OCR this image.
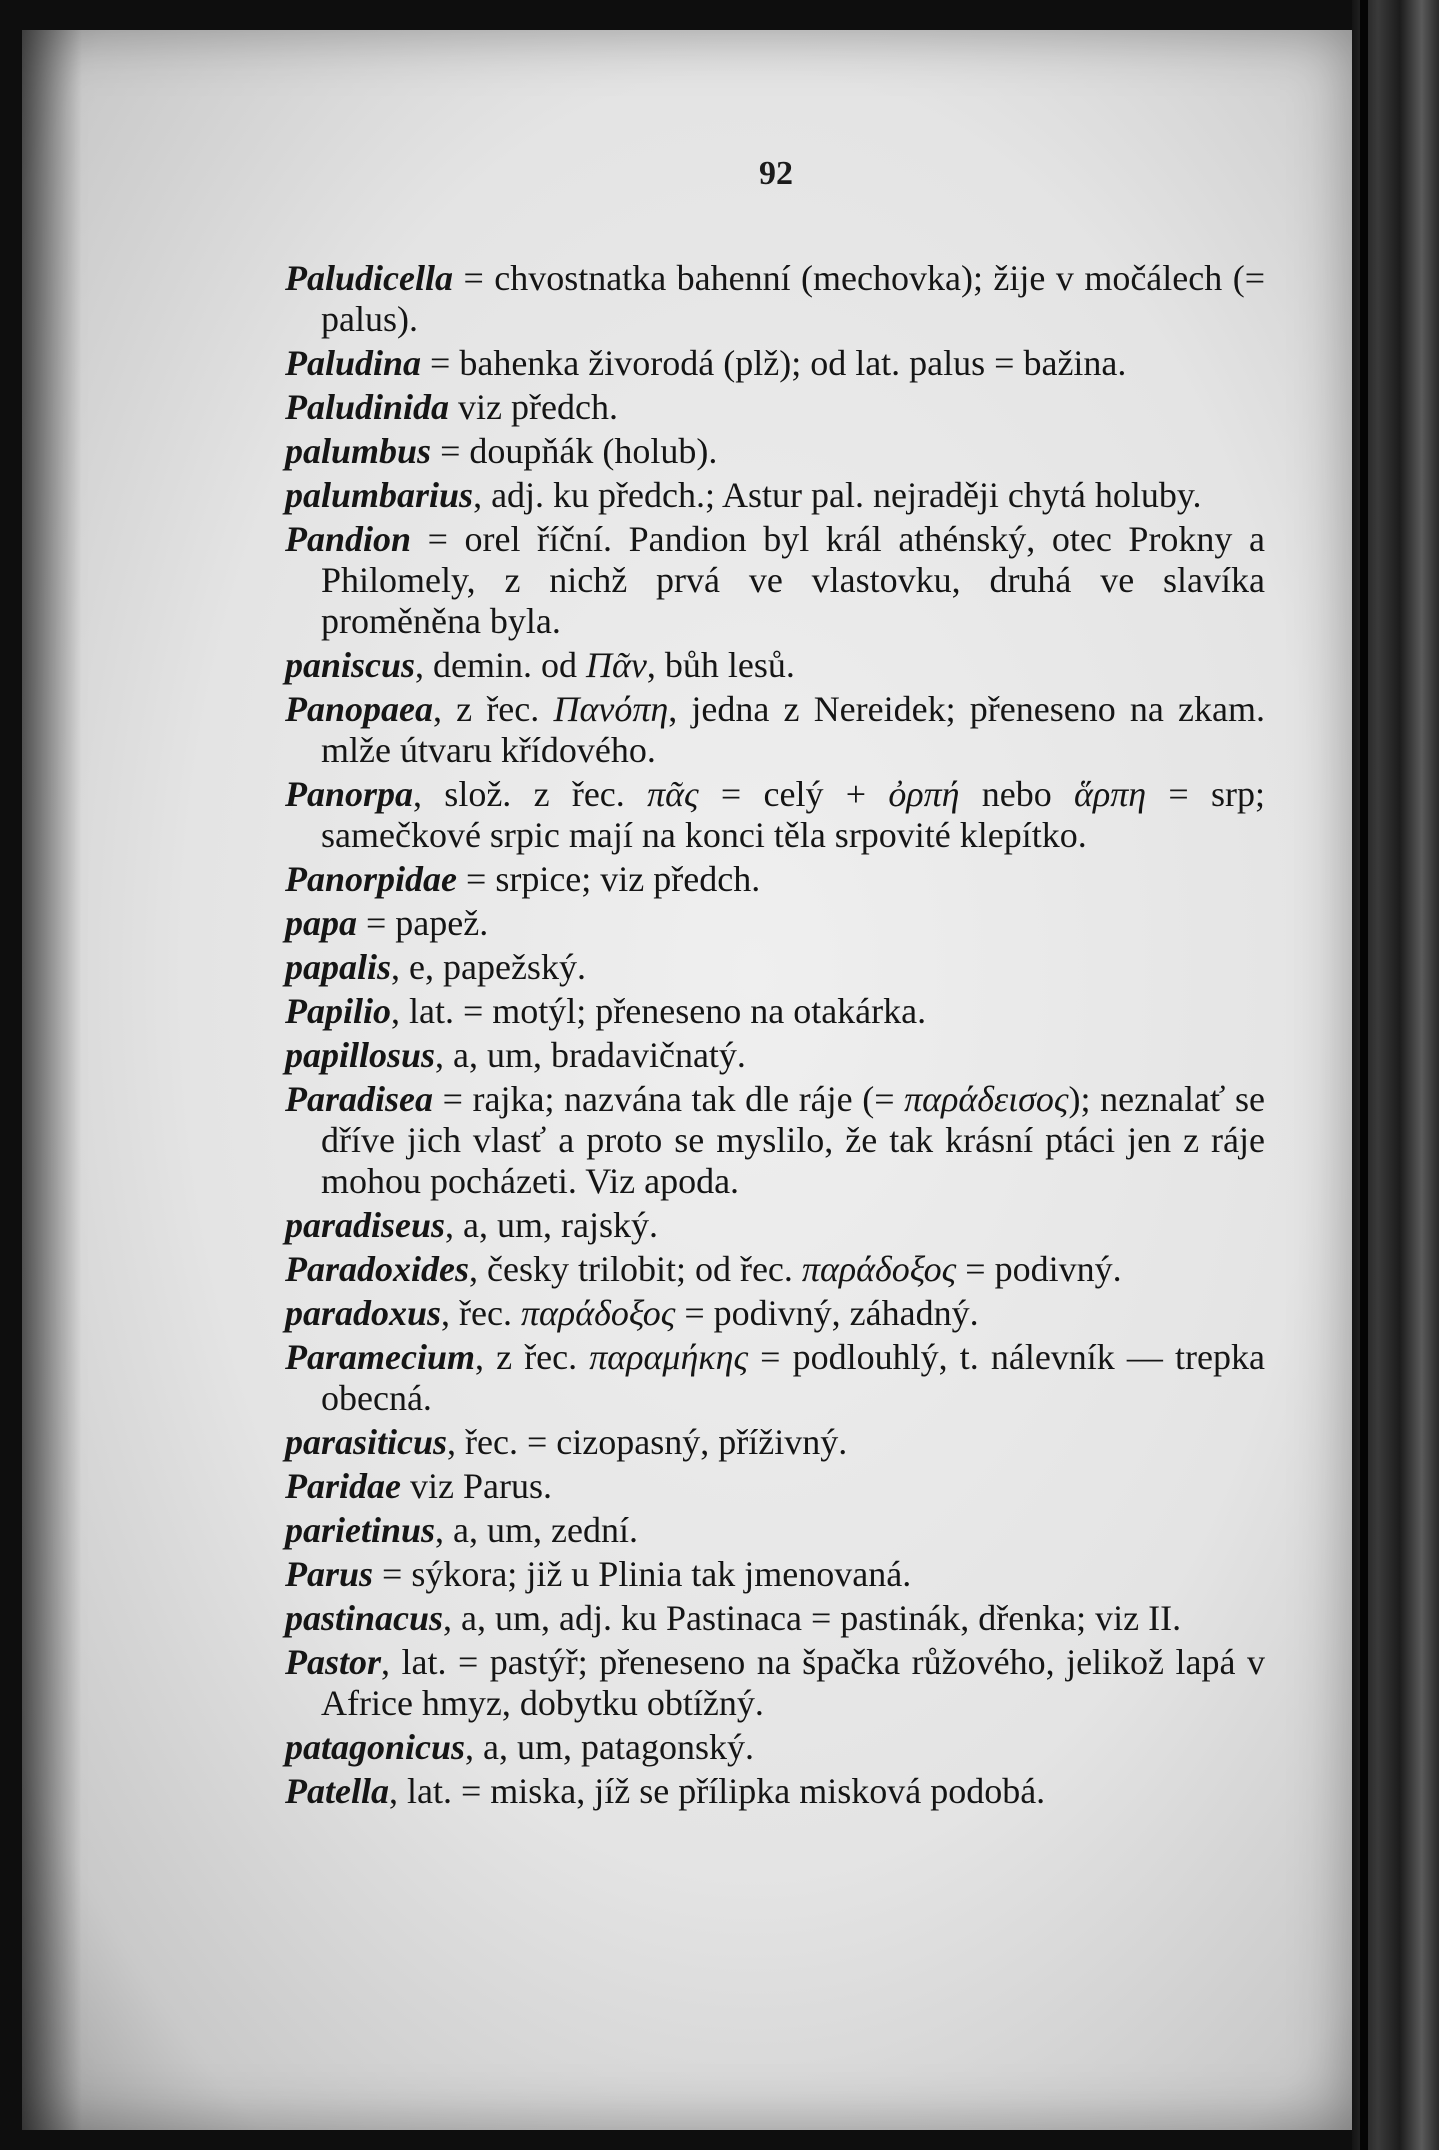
92

Paludicella = chvostnatka bahenní (mechovka); žije v močálech (= palus).

Paludina = bahenka živorodá (plž); od lat. palus = bažina.

Paludinida viz předch.

palumbus = doupňák (holub).

palumbarius, adj. ku předch.; Astur pal. nejraději chytá holuby.

Pandion = orel říční. Pandion byl král athénský, otec Prokny a Philomely, z nichž prvá ve vlastovku, druhá ve slavíka proměněna byla.

paniscus, demin. od Πᾶν, bůh lesů.

Panopaea, z řec. Πανόπη, jedna z Nereidek; přeneseno na zkam. mlže útvaru křídového.

Panorpa, slož. z řec. πᾶς = celý + ὀρπή nebo ἅρπη = srp; samečkové srpic mají na konci těla srpovité klepítko.

Panorpidae = srpice; viz předch.

papa = papež.

papalis, e, papežský.

Papilio, lat. = motýl; přeneseno na otakárka.

papillosus, a, um, bradavičnatý.

Paradisea = rajka; nazvána tak dle ráje (= παράδεισος); neznalať se dříve jich vlasť a proto se myslilo, že tak krásní ptáci jen z ráje mohou pocházeti. Viz apoda.

paradiseus, a, um, rajský.

Paradoxides, česky trilobit; od řec. παράδοξος = podivný.

paradoxus, řec. παράδοξος = podivný, záhadný.

Paramecium, z řec. παραμήκης = podlouhlý, t. nálevník — trepka obecná.

parasiticus, řec. = cizopasný, příživný.

Paridae viz Parus.

parietinus, a, um, zední.

Parus = sýkora; již u Plinia tak jmenovaná.

pastinacus, a, um, adj. ku Pastinaca = pastinák, dřenka; viz II.

Pastor, lat. = pastýř; přeneseno na špačka růžového, jelikož lapá v Africe hmyz, dobytku obtížný.

patagonicus, a, um, patagonský.

Patella, lat. = miska, jíž se přílipka misková podobá.
